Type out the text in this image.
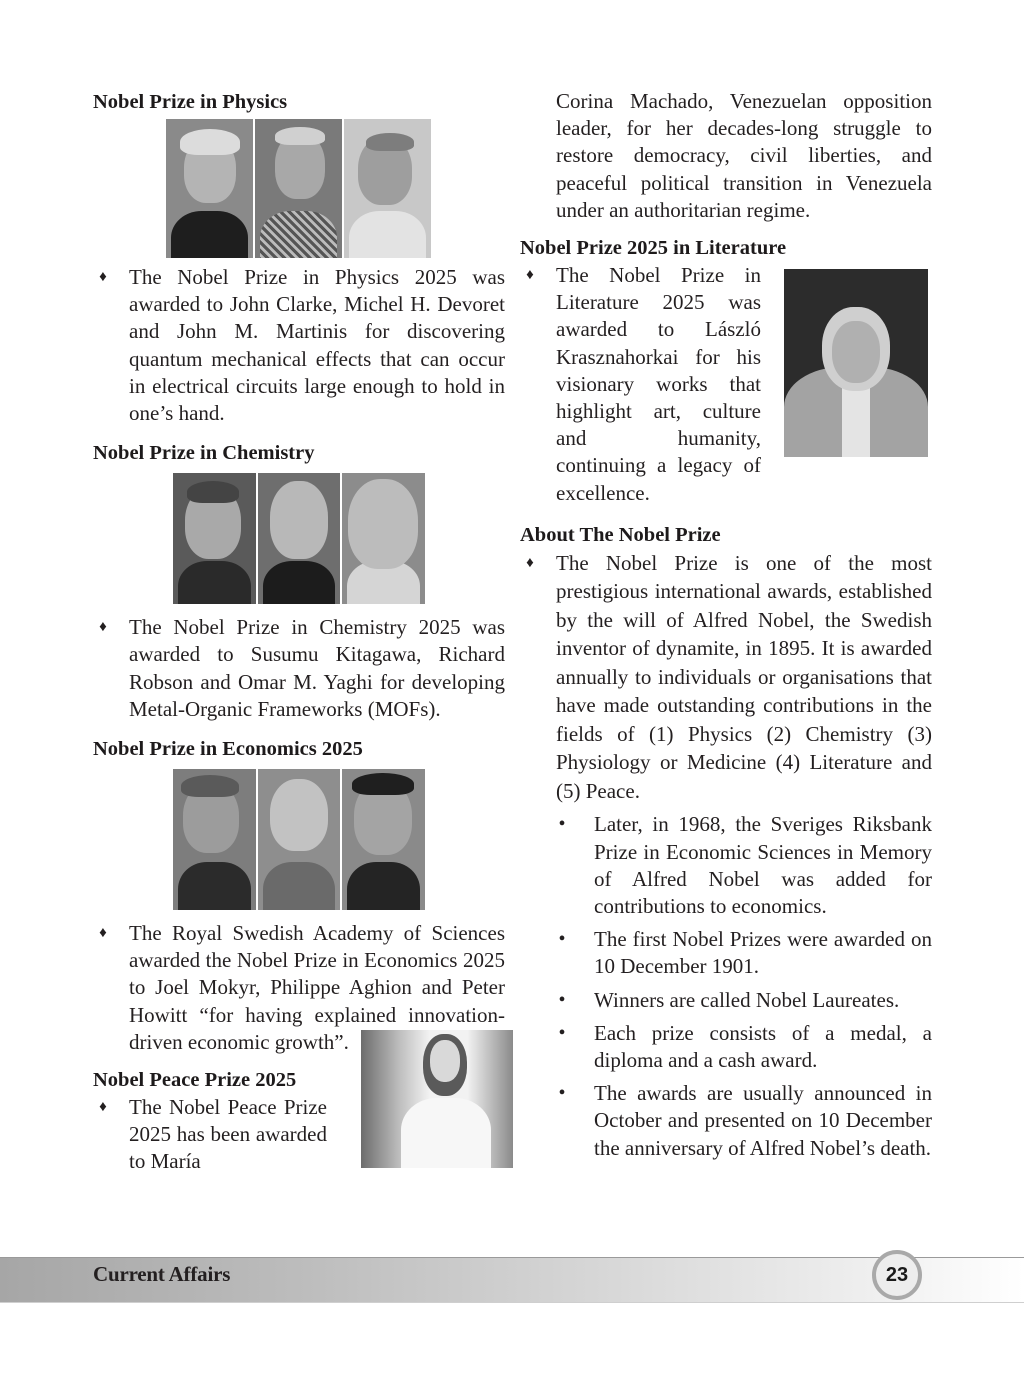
Nobel Prize in Physics
♦ The Nobel Prize in Physics 2025 was awarded to John Clarke, Michel H. Devoret and John M. Martinis for discovering quantum mechanical effects that can occur in electrical circuits large enough to hold in one’s hand.
Nobel Prize in Chemistry
♦ The Nobel Prize in Chemistry 2025 was awarded to Susumu Kitagawa, Richard Robson and Omar M. Yaghi for developing Metal-Organic Frameworks (MOFs).
Nobel Prize in Economics 2025
♦ The Royal Swedish Academy of Sciences awarded the Nobel Prize in Economics 2025 to Joel Mokyr, Philippe Aghion and Peter Howitt “for having explained innovation-driven economic growth”.
Nobel Peace Prize 2025
♦ The Nobel Peace Prize 2025 has been awarded to María
Corina Machado, Venezuelan opposition leader, for her decades-long struggle to restore democracy, civil liberties, and peaceful political transition in Venezuela under an authoritarian regime.
Nobel Prize 2025 in Literature
♦ The Nobel Prize in Literature 2025 was awarded to László Krasznahorkai for his visionary works that highlight art, culture and humanity, continuing a legacy of excellence.
About The Nobel Prize
♦ The Nobel Prize is one of the most prestigious international awards, established by the will of Alfred Nobel, the Swedish inventor of dynamite, in 1895. It is awarded annually to individuals or organisations that have made outstanding contributions in the fields of (1) Physics (2) Chemistry (3) Physiology or Medicine (4) Literature and (5) Peace.
• Later, in 1968, the Sveriges Riksbank Prize in Economic Sciences in Memory of Alfred Nobel was added for contributions to economics.
• The first Nobel Prizes were awarded on 10 December 1901.
• Winners are called Nobel Laureates.
• Each prize consists of a medal, a diploma and a cash award.
• The awards are usually announced in October and presented on 10 December the anniversary of Alfred Nobel’s death.
Current Affairs	23
